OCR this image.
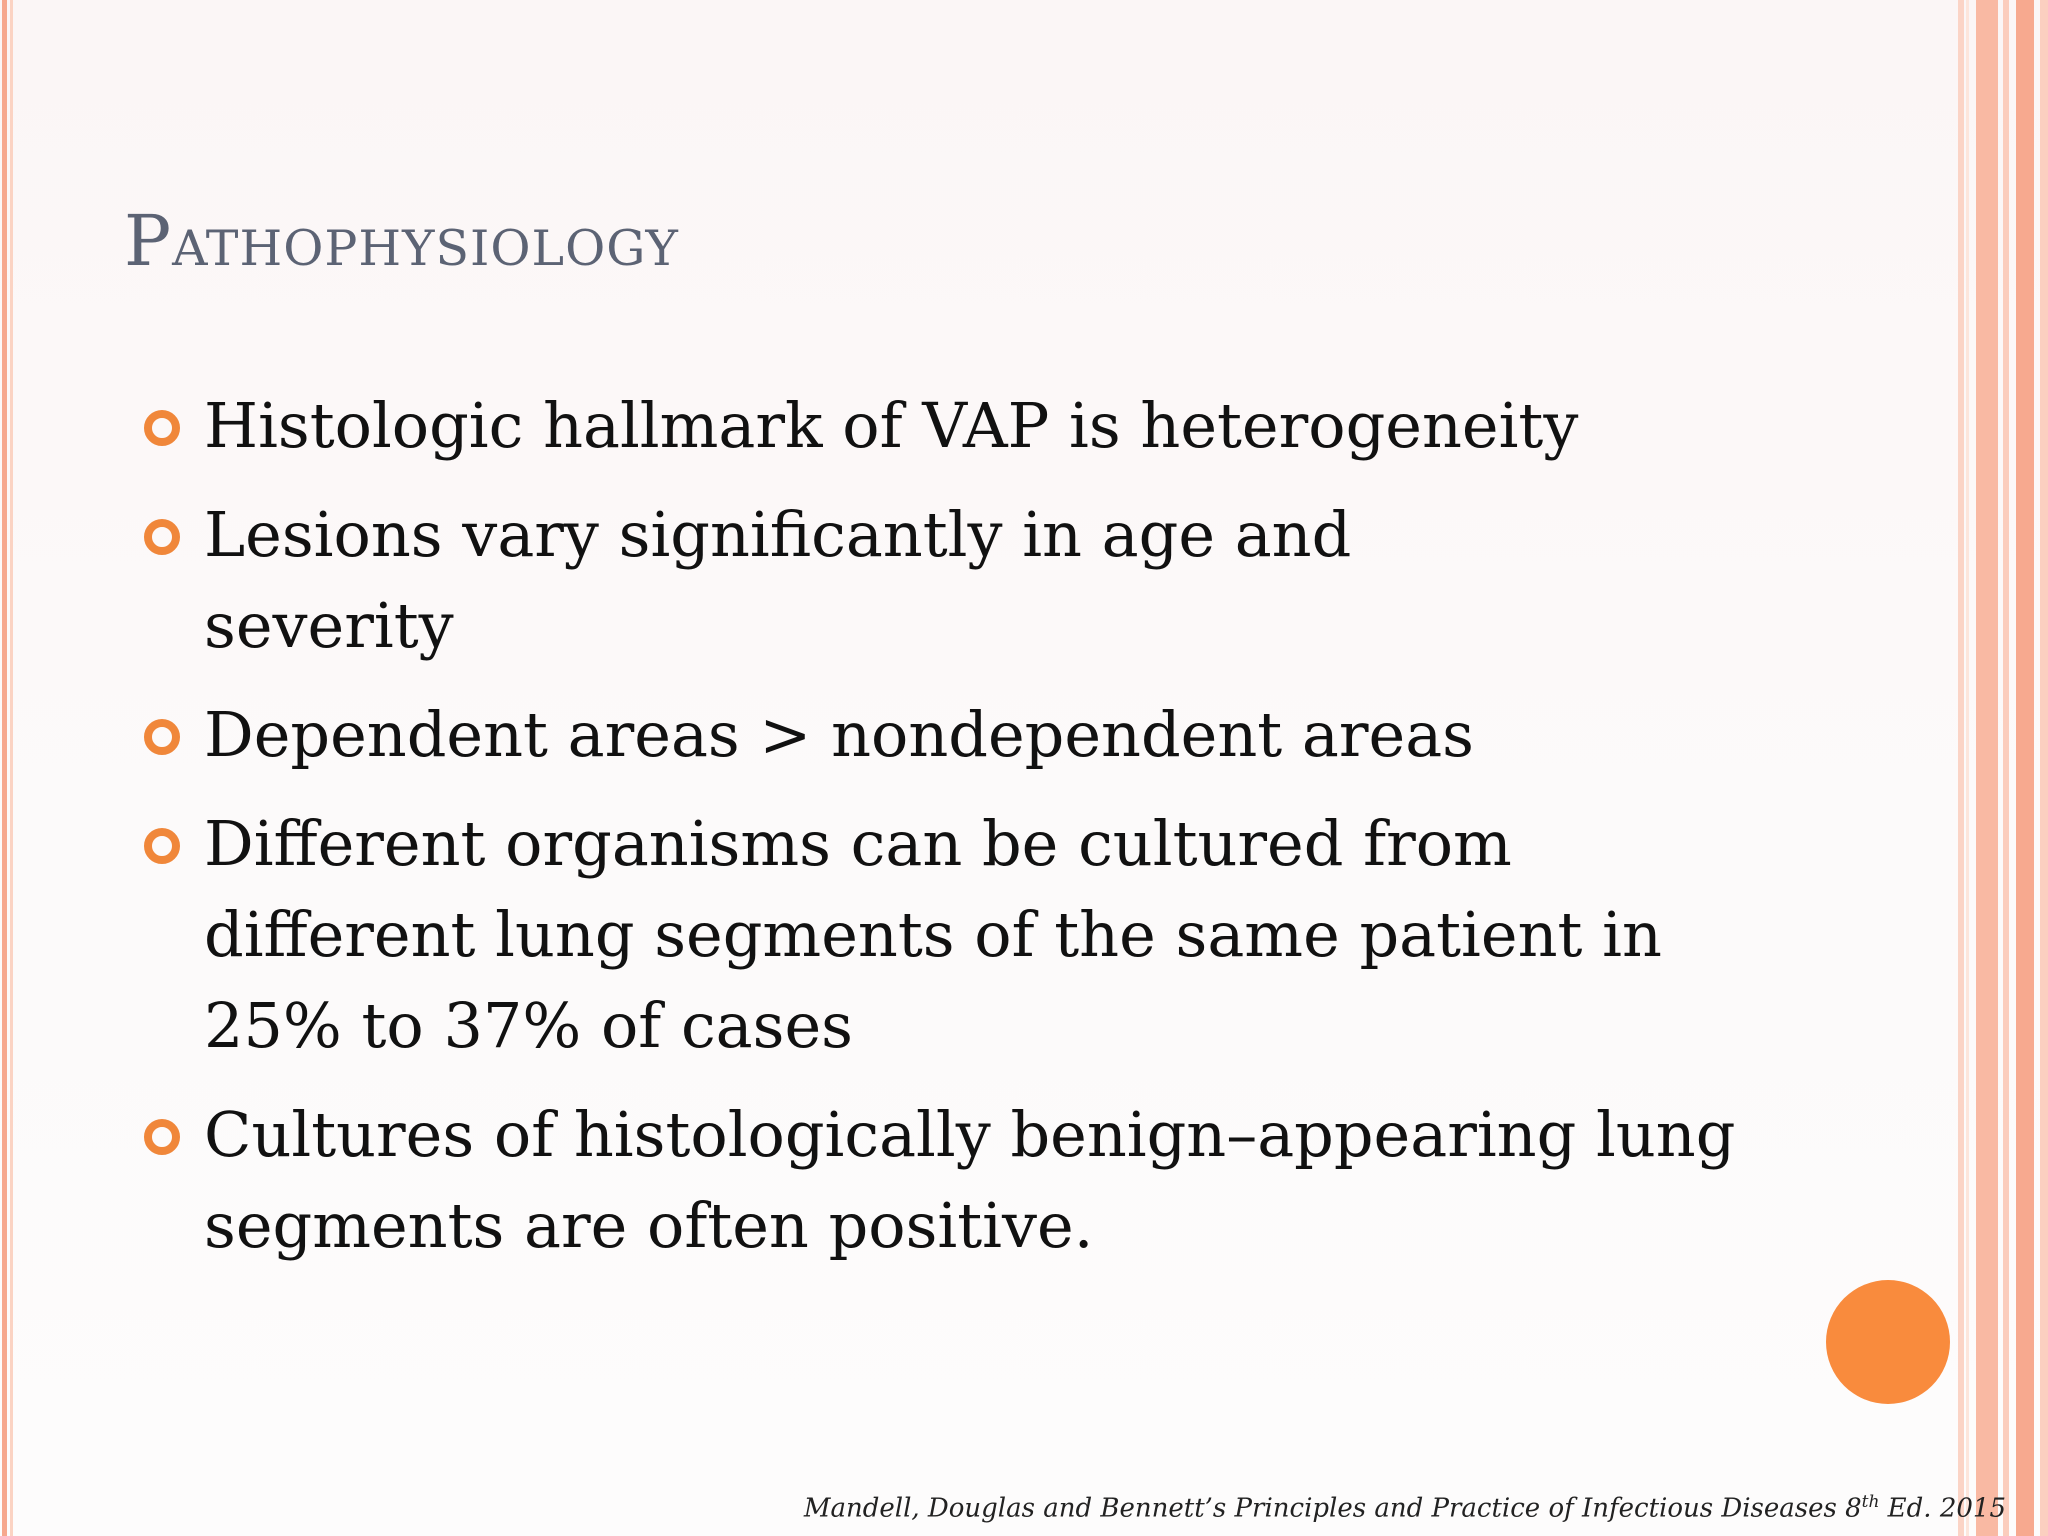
Pathophysiology
Histologic hallmark of VAP is heterogeneity
Lesions vary significantly in age and severity
Dependent areas > nondependent areas
Different organisms can be cultured from different lung segments of the same patient in 25% to 37% of cases
Cultures of histologically benign–appearing lung segments are often positive.
Mandell, Douglas and Bennett’s Principles and Practice of Infectious Diseases 8th Ed. 2015
